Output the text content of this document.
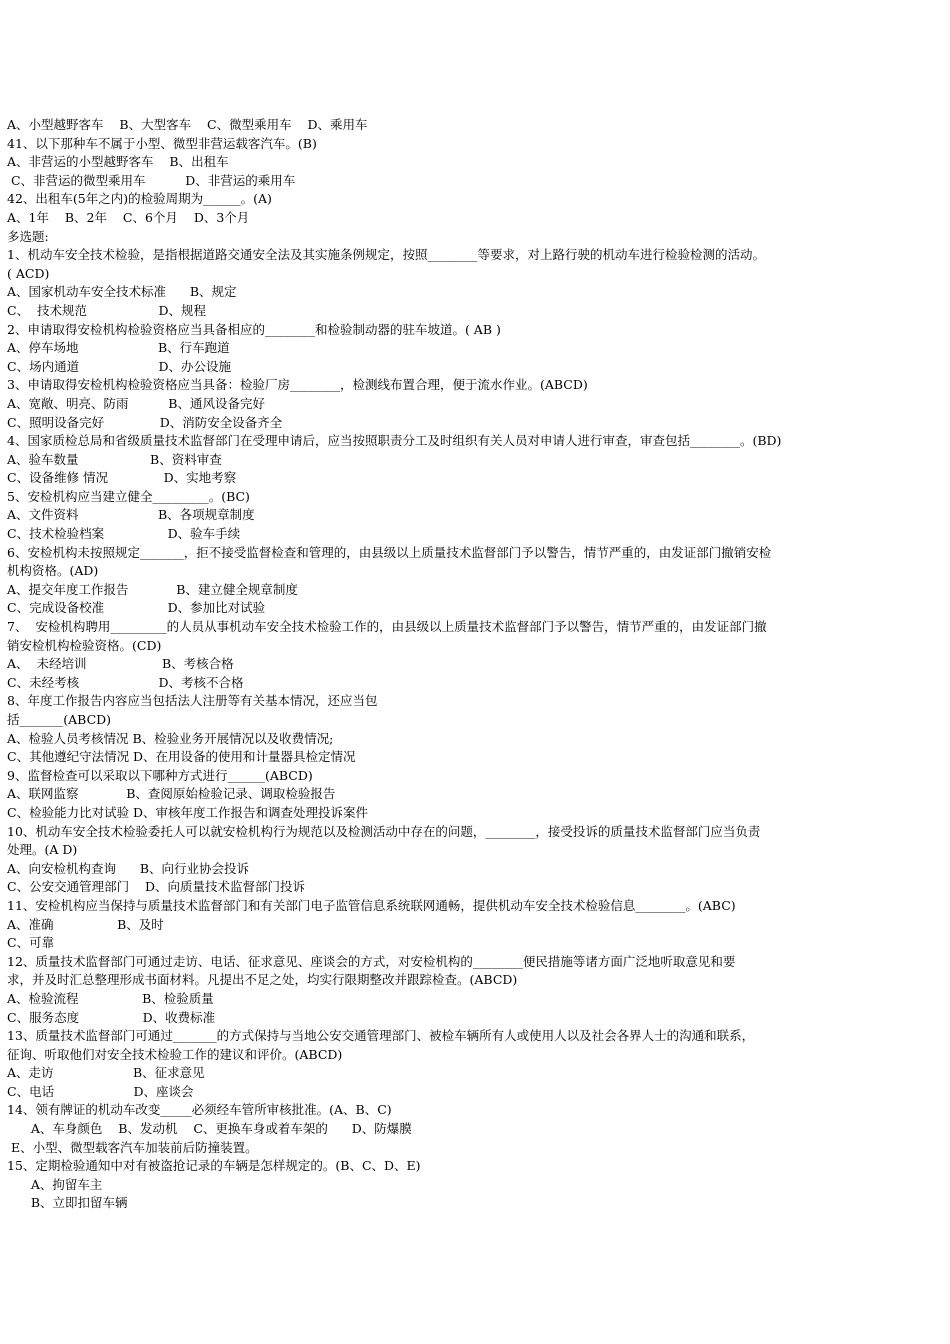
A、小型越野客车    B、大型客车    C、微型乘用车    D、乘用车
41、以下那种车不属于小型、微型非营运载客汽车。(B)
A、非营运的小型越野客车    B、出租车
C、非营运的微型乘用车          D、非营运的乘用车
42、出租车(5年之内)的检验周期为______。(A)
A、1年    B、2年    C、6个月    D、3个月
多选题:
1、机动车安全技术检验，是指根据道路交通安全法及其实施条例规定，按照________等要求，对上路行驶的机动车进行检验检测的活动。
( ACD)
A、国家机动车安全技术标准      B、规定
C、  技术规范                  D、规程
2、申请取得安检机构检验资格应当具备相应的________和检验制动器的驻车坡道。( AB )
A、停车场地                    B、行车跑道
C、场内通道                    D、办公设施
3、申请取得安检机构检验资格应当具备：检验厂房________，检测线布置合理，便于流水作业。(ABCD)
A、宽敞、明亮、防雨          B、通风设备完好
C、照明设备完好              D、消防安全设备齐全
4、国家质检总局和省级质量技术监督部门在受理申请后，应当按照职责分工及时组织有关人员对申请人进行审查，审查包括________。(BD)
A、验车数量                  B、资料审查
C、设备维修 情况              D、实地考察
5、安检机构应当建立健全_________。(BC)
A、文件资料                    B、各项规章制度
C、技术检验档案                D、验车手续
6、安检机构未按照规定_______，拒不接受监督检查和管理的，由县级以上质量技术监督部门予以警告，情节严重的，由发证部门撤销安检
机构资格。(AD)
A、提交年度工作报告            B、建立健全规章制度
C、完成设备校准                D、参加比对试验
7、  安检机构聘用_________的人员从事机动车安全技术检验工作的，由县级以上质量技术监督部门予以警告，情节严重的，由发证部门撤
销安检机构检验资格。(CD)
A、  未经培训                   B、考核合格
C、未经考核                    D、考核不合格
8、年度工作报告内容应当包括法人注册等有关基本情况，还应当包
括_______(ABCD)
A、检验人员考核情况 B、检验业务开展情况以及收费情况;
C、其他遵纪守法情况 D、在用设备的使用和计量器具检定情况
9、监督检查可以采取以下哪种方式进行______(ABCD)
A、联网监察            B、查阅原始检验记录、调取检验报告
C、检验能力比对试验 D、审核年度工作报告和调查处理投诉案件
10、机动车安全技术检验委托人可以就安检机构行为规范以及检测活动中存在的问题，________，接受投诉的质量技术监督部门应当负责
处理。(A D)
A、向安检机构查询      B、向行业协会投诉
C、公安交通管理部门    D、向质量技术监督部门投诉
11、安检机构应当保持与质量技术监督部门和有关部门电子监管信息系统联网通畅，提供机动车安全技术检验信息________。(ABC)
A、准确                B、及时
C、可靠
12、质量技术监督部门可通过走访、电话、征求意见、座谈会的方式，对安检机构的________便民措施等诸方面广泛地听取意见和要
求，并及时汇总整理形成书面材料。凡提出不足之处，均实行限期整改并跟踪检查。(ABCD)
A、检验流程                B、检验质量
C、服务态度                D、收费标准
13、质量技术监督部门可通过_______的方式保持与当地公安交通管理部门、被检车辆所有人或使用人以及社会各界人士的沟通和联系，
征询、听取他们对安全技术检验工作的建议和评价。(ABCD)
A、走访                    B、征求意见
C、电话                    D、座谈会
14、领有牌证的机动车改变_____必须经车管所审核批准。(A、B、C)
A、车身颜色    B、发动机    C、更换车身或着车架的      D、防爆膜
E、小型、微型载客汽车加装前后防撞装置。
15、定期检验通知中对有被盗抢记录的车辆是怎样规定的。(B、C、D、E)
A、拘留车主
B、立即扣留车辆
